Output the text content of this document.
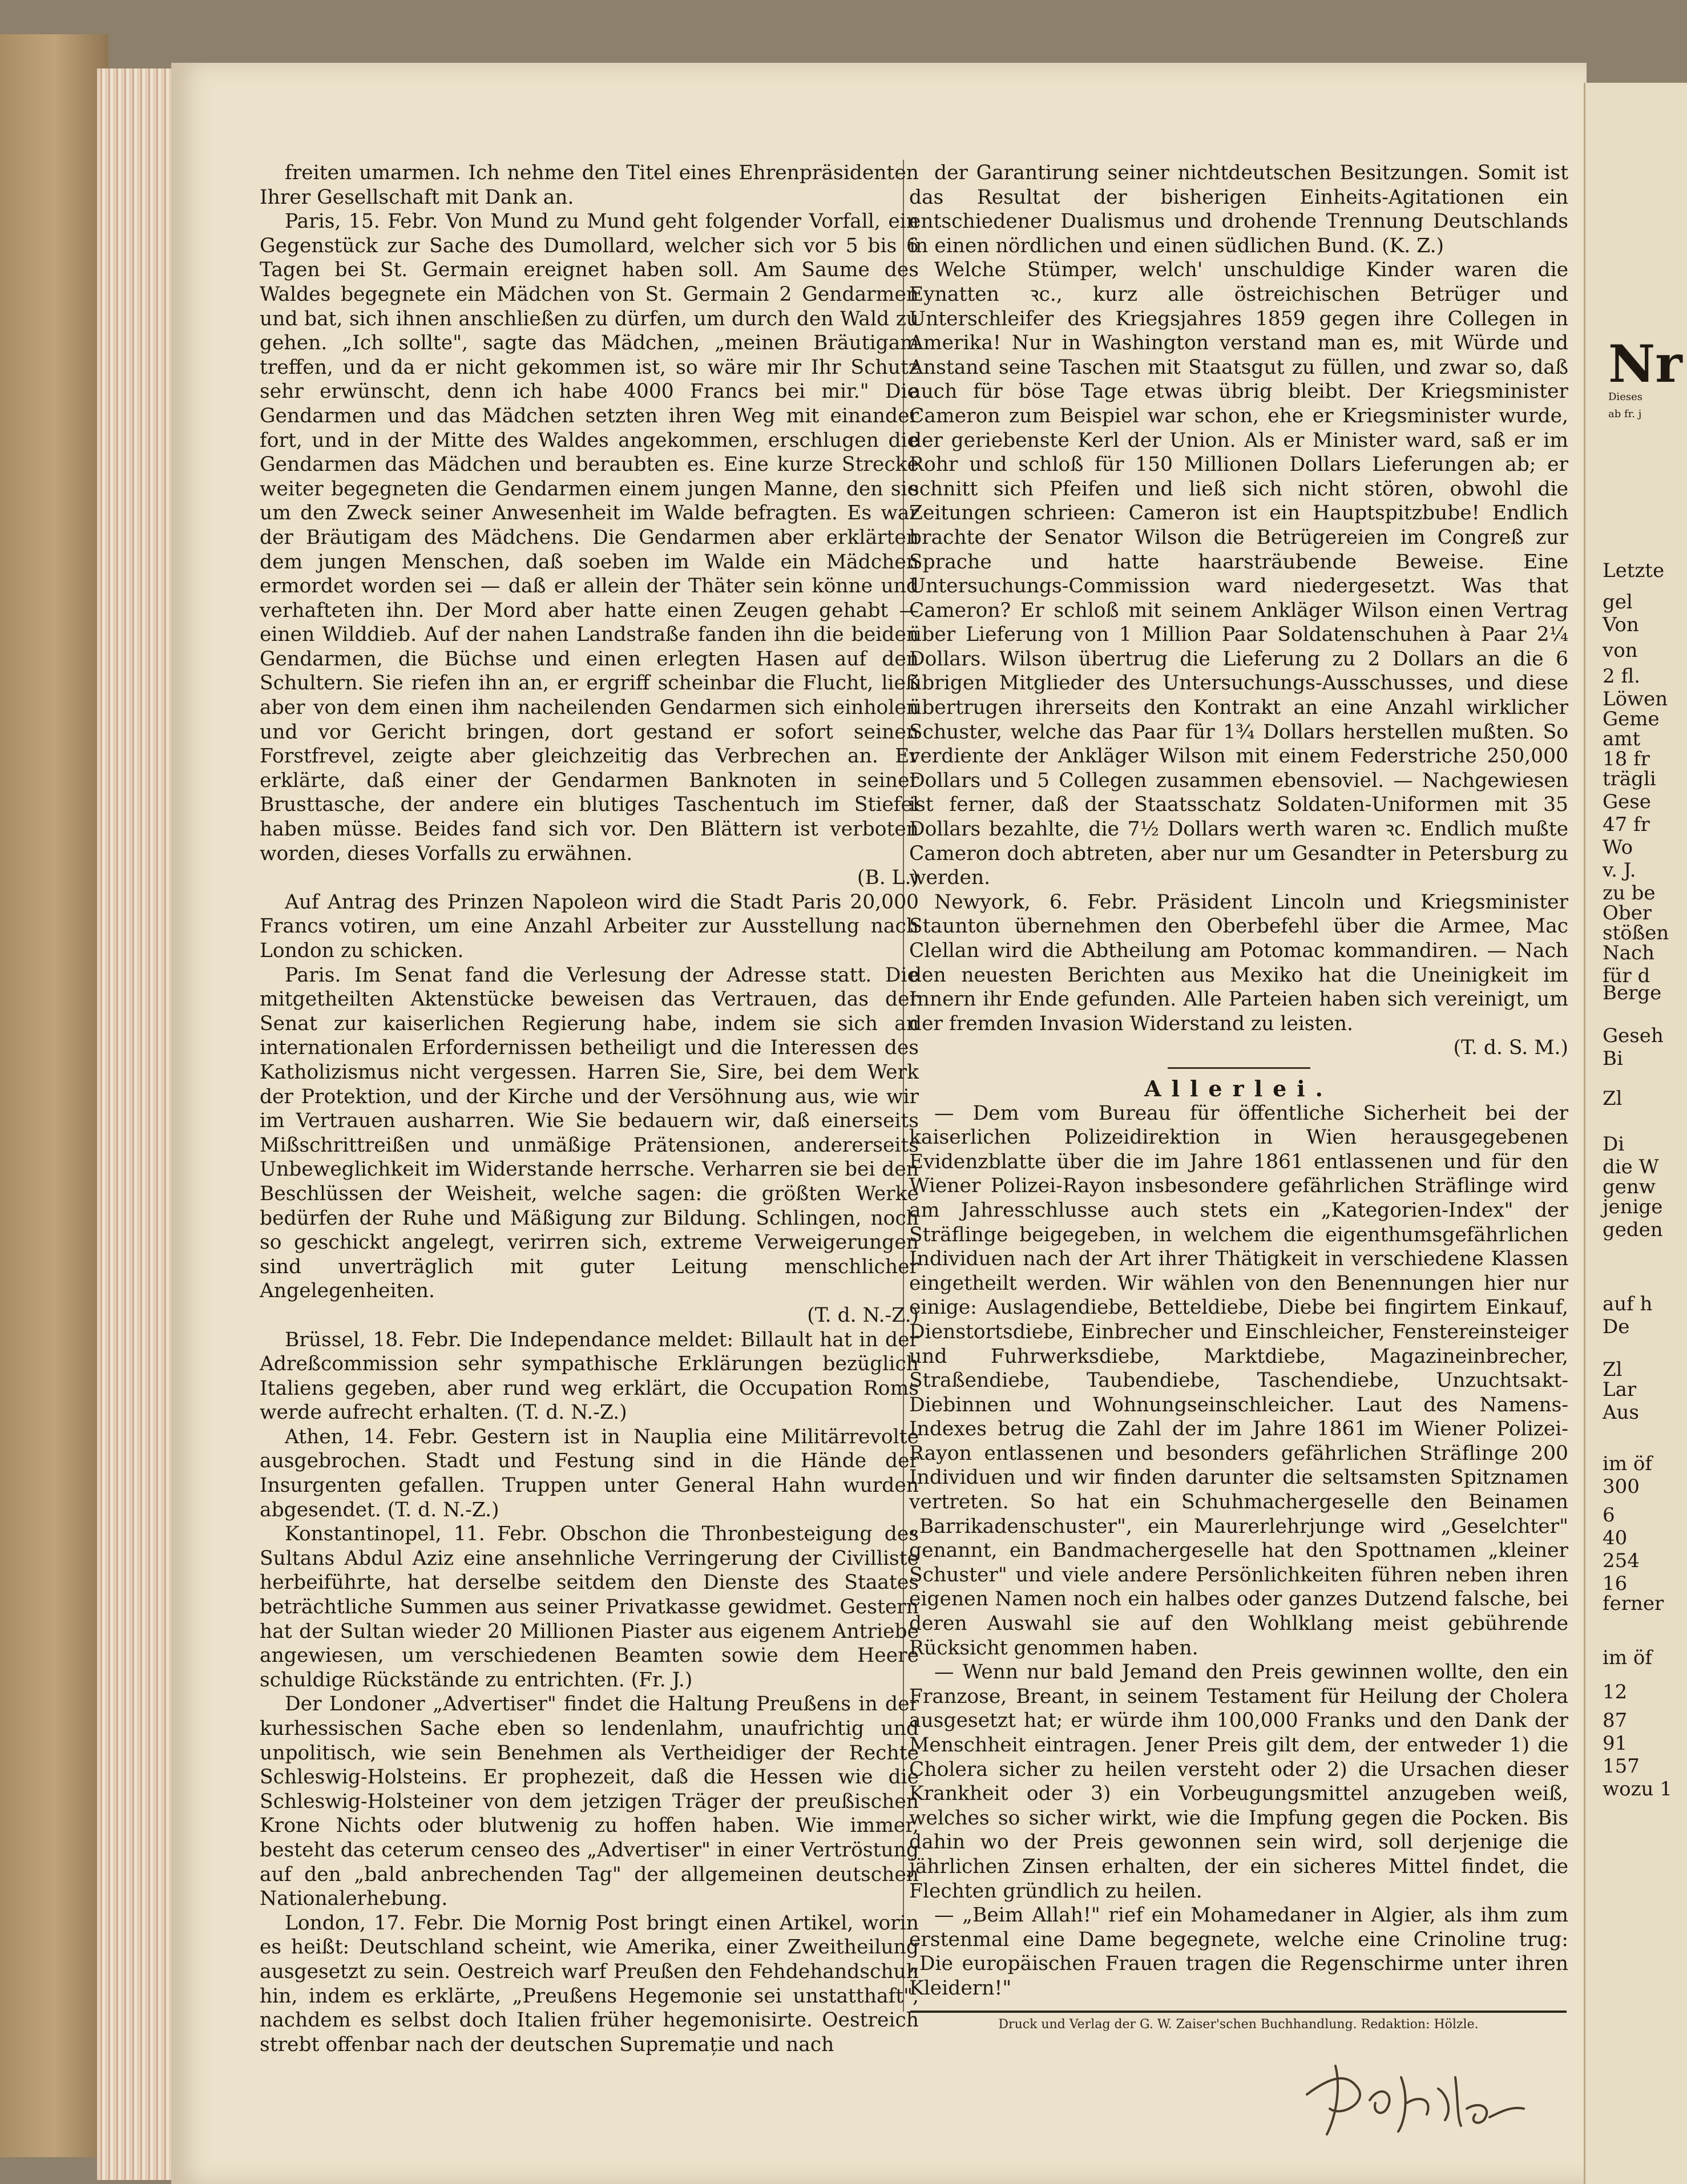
freiten umarmen. Ich nehme den Titel eines Ehrenpräsidenten Ihrer Gesellschaft mit Dank an.

Paris, 15. Febr. Von Mund zu Mund geht folgender Vorfall, ein Gegenstück zur Sache des Dumollard, welcher sich vor 5 bis 6 Tagen bei St. Germain ereignet haben soll. Am Saume des Waldes begegnete ein Mädchen von St. Germain 2 Gendarmen und bat, sich ihnen anschließen zu dürfen, um durch den Wald zu gehen. „Ich sollte", sagte das Mädchen, „meinen Bräutigam treffen, und da er nicht gekommen ist, so wäre mir Ihr Schutz sehr erwünscht, denn ich habe 4000 Francs bei mir." Die Gendarmen und das Mädchen setzten ihren Weg mit einander fort, und in der Mitte des Waldes angekommen, erschlugen die Gendarmen das Mädchen und beraubten es. Eine kurze Strecke weiter begegneten die Gendarmen einem jungen Manne, den sie um den Zweck seiner Anwesenheit im Walde befragten. Es war der Bräutigam des Mädchens. Die Gendarmen aber erklärten dem jungen Menschen, daß soeben im Walde ein Mädchen ermordet worden sei — daß er allein der Thäter sein könne und verhafteten ihn. Der Mord aber hatte einen Zeugen gehabt — einen Wilddieb. Auf der nahen Landstraße fanden ihn die beiden Gendarmen, die Büchse und einen erlegten Hasen auf den Schultern. Sie riefen ihn an, er ergriff scheinbar die Flucht, ließ aber von dem einen ihm nacheilenden Gendarmen sich einholen und vor Gericht bringen, dort gestand er sofort seinen Forstfrevel, zeigte aber gleichzeitig das Verbrechen an. Er erklärte, daß einer der Gendarmen Banknoten in seiner Brusttasche, der andere ein blutiges Taschentuch im Stiefel haben müsse. Beides fand sich vor. Den Blättern ist verboten worden, dieses Vorfalls zu erwähnen.

(B. L.)

Auf Antrag des Prinzen Napoleon wird die Stadt Paris 20,000 Francs votiren, um eine Anzahl Arbeiter zur Ausstellung nach London zu schicken.

Paris. Im Senat fand die Verlesung der Adresse statt. Die mitgetheilten Aktenstücke beweisen das Vertrauen, das der Senat zur kaiserlichen Regierung habe, indem sie sich an internationalen Erfordernissen betheiligt und die Interessen des Katholizismus nicht vergessen. Harren Sie, Sire, bei dem Werk der Protektion, und der Kirche und der Versöhnung aus, wie wir im Vertrauen ausharren. Wie Sie bedauern wir, daß einerseits Mißschrittreißen und unmäßige Prätensionen, andererseits Unbeweglichkeit im Widerstande herrsche. Verharren sie bei den Beschlüssen der Weisheit, welche sagen: die größten Werke bedürfen der Ruhe und Mäßigung zur Bildung. Schlingen, noch so geschickt angelegt, verirren sich, extreme Verweigerungen sind unverträglich mit guter Leitung menschlicher Angelegenheiten.

(T. d. N.-Z.)

Brüssel, 18. Febr. Die Independance meldet: Billault hat in der Adreßcommission sehr sympathische Erklärungen bezüglich Italiens gegeben, aber rund weg erklärt, die Occupation Roms werde aufrecht erhalten. (T. d. N.-Z.)

Athen, 14. Febr. Gestern ist in Nauplia eine Militärrevolte ausgebrochen. Stadt und Festung sind in die Hände der Insurgenten gefallen. Truppen unter General Hahn wurden abgesendet. (T. d. N.-Z.)

Konstantinopel, 11. Febr. Obschon die Thronbesteigung des Sultans Abdul Aziz eine ansehnliche Verringerung der Civilliste herbeiführte, hat derselbe seitdem den Dienste des Staates beträchtliche Summen aus seiner Privatkasse gewidmet. Gestern hat der Sultan wieder 20 Millionen Piaster aus eigenem Antriebe angewiesen, um verschiedenen Beamten sowie dem Heere schuldige Rückstände zu entrichten. (Fr. J.)

Der Londoner „Advertiser" findet die Haltung Preußens in der kurhessischen Sache eben so lendenlahm, unaufrichtig und unpolitisch, wie sein Benehmen als Vertheidiger der Rechte Schleswig-Holsteins. Er prophezeit, daß die Hessen wie die Schleswig-Holsteiner von dem jetzigen Träger der preußischen Krone Nichts oder blutwenig zu hoffen haben. Wie immer, besteht das ceterum censeo des „Advertiser" in einer Vertröstung auf den „bald anbrechenden Tag" der allgemeinen deutschen Nationalerhebung.

London, 17. Febr. Die Mornig Post bringt einen Artikel, worin es heißt: Deutschland scheint, wie Amerika, einer Zweitheilung ausgesetzt zu sein. Oestreich warf Preußen den Fehdehandschuh hin, indem es erklärte, „Preußens Hegemonie sei unstatthaft", nachdem es selbst doch Italien früher hegemonisirte. Oestreich strebt offenbar nach der deutschen Supremație und nach

der Garantirung seiner nichtdeutschen Besitzungen. Somit ist das Resultat der bisherigen Einheits-Agitationen ein entschiedener Dualismus und drohende Trennung Deutschlands in einen nördlichen und einen südlichen Bund. (K. Z.)

Welche Stümper, welch' unschuldige Kinder waren die Eynatten ꝛc., kurz alle östreichischen Betrüger und Unterschleifer des Kriegsjahres 1859 gegen ihre Collegen in Amerika! Nur in Washington verstand man es, mit Würde und Anstand seine Taschen mit Staatsgut zu füllen, und zwar so, daß auch für böse Tage etwas übrig bleibt. Der Kriegsminister Cameron zum Beispiel war schon, ehe er Kriegsminister wurde, der geriebenste Kerl der Union. Als er Minister ward, saß er im Rohr und schloß für 150 Millionen Dollars Lieferungen ab; er schnitt sich Pfeifen und ließ sich nicht stören, obwohl die Zeitungen schrieen: Cameron ist ein Hauptspitzbube! Endlich brachte der Senator Wilson die Betrügereien im Congreß zur Sprache und hatte haarsträubende Beweise. Eine Untersuchungs-Commission ward niedergesetzt. Was that Cameron? Er schloß mit seinem Ankläger Wilson einen Vertrag über Lieferung von 1 Million Paar Soldatenschuhen à Paar 2¼ Dollars. Wilson übertrug die Lieferung zu 2 Dollars an die 6 übrigen Mitglieder des Untersuchungs-Ausschusses, und diese übertrugen ihrerseits den Kontrakt an eine Anzahl wirklicher Schuster, welche das Paar für 1¾ Dollars herstellen mußten. So verdiente der Ankläger Wilson mit einem Federstriche 250,000 Dollars und 5 Collegen zusammen ebensoviel. — Nachgewiesen ist ferner, daß der Staatsschatz Soldaten-Uniformen mit 35 Dollars bezahlte, die 7½ Dollars werth waren ꝛc. Endlich mußte Cameron doch abtreten, aber nur um Gesandter in Petersburg zu werden.

Newyork, 6. Febr. Präsident Lincoln und Kriegsminister Staunton übernehmen den Oberbefehl über die Armee, Mac Clellan wird die Abtheilung am Potomac kommandiren. — Nach den neuesten Berichten aus Mexiko hat die Uneinigkeit im Innern ihr Ende gefunden. Alle Parteien haben sich vereinigt, um der fremden Invasion Widerstand zu leisten.

(T. d. S. M.)

Allerlei.

— Dem vom Bureau für öffentliche Sicherheit bei der kaiserlichen Polizeidirektion in Wien herausgegebenen Evidenzblatte über die im Jahre 1861 entlassenen und für den Wiener Polizei-Rayon insbesondere gefährlichen Sträflinge wird am Jahresschlusse auch stets ein „Kategorien-Index" der Sträflinge beigegeben, in welchem die eigenthumsgefährlichen Individuen nach der Art ihrer Thätigkeit in verschiedene Klassen eingetheilt werden. Wir wählen von den Benennungen hier nur einige: Auslagendiebe, Betteldiebe, Diebe bei fingirtem Einkauf, Dienstortsdiebe, Einbrecher und Einschleicher, Fenstereinsteiger und Fuhrwerksdiebe, Marktdiebe, Magazineinbrecher, Straßendiebe, Taubendiebe, Taschendiebe, Unzuchtsakt-Diebinnen und Wohnungseinschleicher. Laut des Namens-Indexes betrug die Zahl der im Jahre 1861 im Wiener Polizei-Rayon entlassenen und besonders gefährlichen Sträflinge 200 Individuen und wir finden darunter die seltsamsten Spitznamen vertreten. So hat ein Schuhmachergeselle den Beinamen „Barrikadenschuster", ein Maurerlehrjunge wird „Geselchter" genannt, ein Bandmachergeselle hat den Spottnamen „kleiner Schuster" und viele andere Persönlichkeiten führen neben ihren eigenen Namen noch ein halbes oder ganzes Dutzend falsche, bei deren Auswahl sie auf den Wohlklang meist gebührende Rücksicht genommen haben.

— Wenn nur bald Jemand den Preis gewinnen wollte, den ein Franzose, Breant, in seinem Testament für Heilung der Cholera ausgesetzt hat; er würde ihm 100,000 Franks und den Dank der Menschheit eintragen. Jener Preis gilt dem, der entweder 1) die Cholera sicher zu heilen versteht oder 2) die Ursachen dieser Krankheit oder 3) ein Vorbeugungsmittel anzugeben weiß, welches so sicher wirkt, wie die Impfung gegen die Pocken. Bis dahin wo der Preis gewonnen sein wird, soll derjenige die jährlichen Zinsen erhalten, der ein sicheres Mittel findet, die Flechten gründlich zu heilen.

— „Beim Allah!" rief ein Mohamedaner in Algier, als ihm zum erstenmal eine Dame begegnete, welche eine Crinoline trug: „Die europäischen Frauen tragen die Regenschirme unter ihren Kleidern!"

Druck und Verlag der G. W. Zaiser'schen Buchhandlung. Redaktion: Hölzle.
Nr
Dieses
ab fr. j
Letzte
gel
Von
von
2 fl.
Löwen
Geme
amt
18 fr
trägli
Gese
47 fr
Wo
v. J.
zu be
Ober
stößen
Nach
für d
Berge
Geseh
Bi
Zl
Di
die W
genw
jenige
geden
auf h
De
Zl
Lar
Aus
im öf
300
6
40
254
16
ferner
im öf
12
87
91
157
wozu 1
